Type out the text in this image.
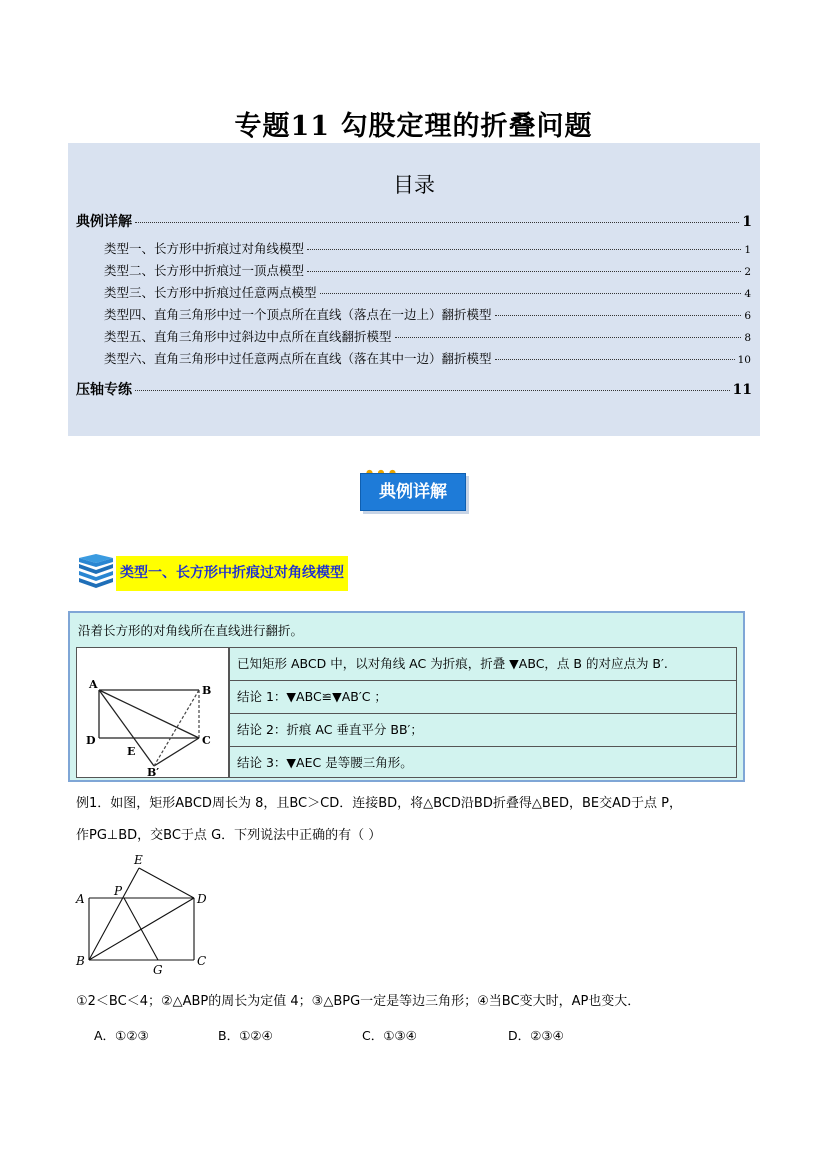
专题11 勾股定理的折叠问题
目录
典例详解	1
类型一、长方形中折痕过对角线模型	1
类型二、长方形中折痕过一顶点模型	2
类型三、长方形中折痕过任意两点模型	4
类型四、直角三角形中过一个顶点所在直线（落点在一边上）翻折模型	6
类型五、直角三角形中过斜边中点所在直线翻折模型	8
类型六、直角三角形中过任意两点所在直线（落在其中一边）翻折模型	10
压轴专练	11
典例详解
类型一、长方形中折痕过对角线模型
沿着长方形的对角线所在直线进行翻折。
A	B
C
D
E
B′
已知矩形 ABCD 中，以对角线 AC 为折痕，折叠 ▼ABC，点 B 的对应点为 B′.
结论 1：▼ABC≌▼AB′C ；
结论 2：折痕 AC 垂直平分 BB′；
结论 3：▼AEC 是等腰三角形。
例1．如图，矩形ABCD周长为 8，且BC＞CD．连接BD，将△BCD沿BD折叠得△BED，BE交AD于点 P，
作PG⊥BD，交BC于点 G．下列说法中正确的有（ ）
E
A
P
D
B
G
C
①2＜BC＜4；②△ABP的周长为定值 4；③△BPG一定是等边三角形；④当BC变大时，AP也变大．
A．①②③	B．①②④	C．①③④	D．②③④
